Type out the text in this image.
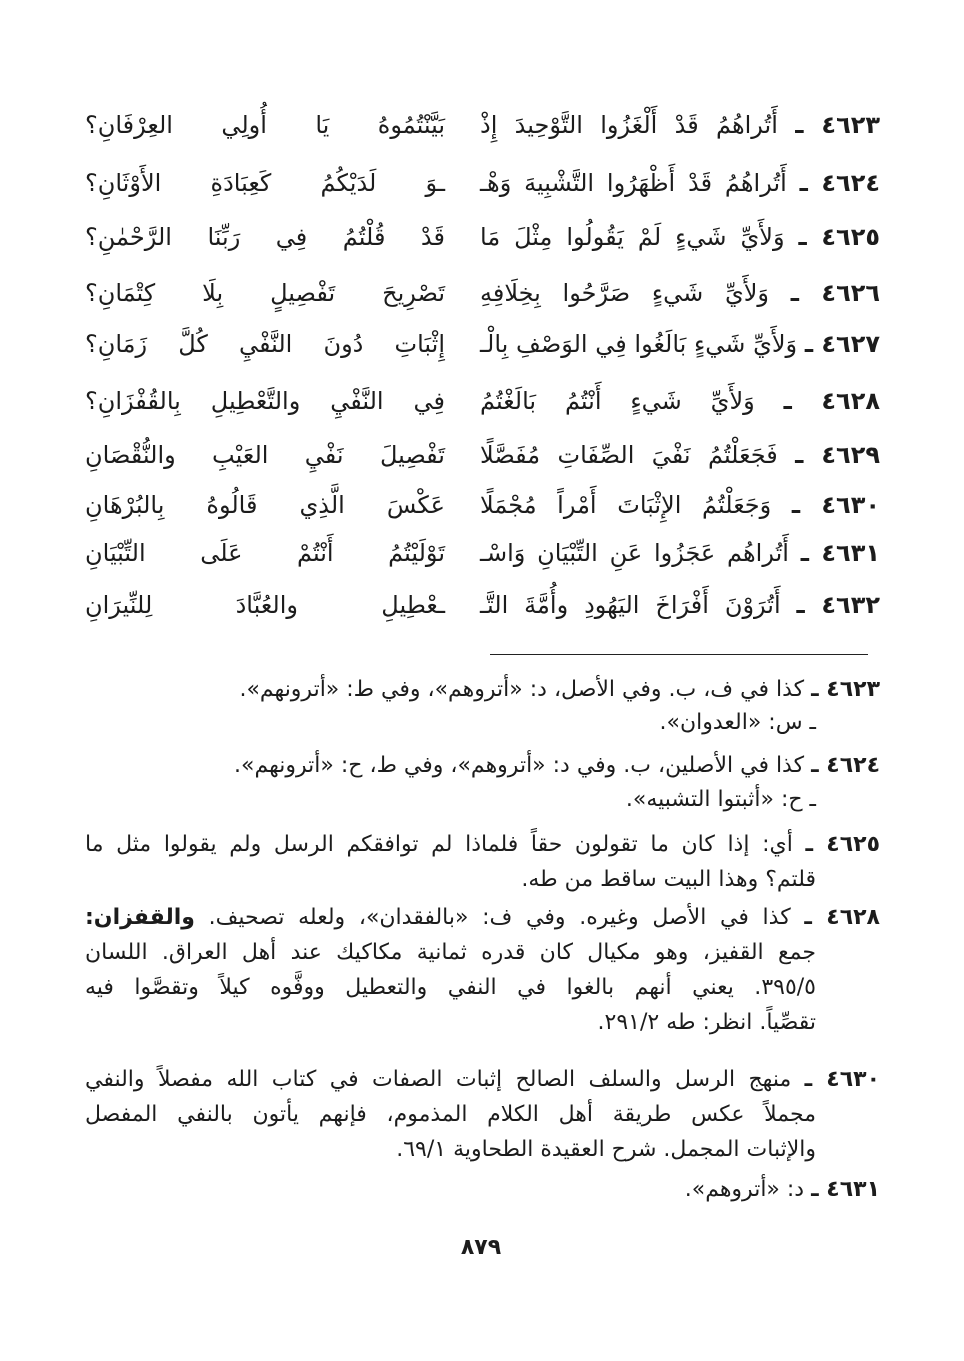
٤٦٢٣ ـ أَتُراهُمُ قَدْ أَلْغَزُوا التَّوْحِيدَ إِذْ
بَيَّنْتُمُوهُ يَا أُولِي العِرْفَانِ؟
٤٦٢٤ ـ أَتُراهُمُ قَدْ أَظْهَرُوا التَّشْبِيهَ وَهْـ
ـوَ لَدَيْكُمُ كَعِبَادَةِ الأَوْثَانِ؟
٤٦٢٥ ـ وَلأَيِّ شَيءٍ لَمْ يَقُولُوا مِثْلَ مَا
قَدْ قُلْتُمُ فِي رَبِّنَا الرَّحْمٰنِ؟
٤٦٢٦ ـ وَلأَيِّ شَيءٍ صَرَّحُوا بِخِلَافِهِ
تَصْرِيحَ تَفْصِيلٍ بِلَا كِتْمَانِ؟
٤٦٢٧ ـ وَلأَيِّ شَيءٍ بَالَغُوا فِي الوَصْفِ بِالْـ
إِثْبَاتِ دُونَ النَّفْيِ كُلَّ زَمَانِ؟
٤٦٢٨ ـ وَلأَيِّ شَيءٍ أَنْتُمُ بَالَغْتُمُ
فِي النَّفْيِ والتَّعْطِيلِ بِالقُفْزَانِ؟
٤٦٢٩ ـ فَجَعَلْتُمُ نَفْيَ الصِّفَاتِ مُفَصَّلًا
تَفْصِيلَ نَفْيِ العَيْبِ والنُّقْصَانِ
٤٦٣٠ ـ وَجَعَلْتُمُ الإِثْبَاتَ أَمْراً مُجْمَلًا
عَكْسَ الَّذِي قَالُوهُ بِالبُرْهَانِ
٤٦٣١ ـ أَتُراهُم عَجَزُوا عَنِ التِّبْيَانِ وَاسْـ
تَوْلَيْتُمُ أَنْتُمْ عَلَى التِّبْيَانِ
٤٦٣٢ ـ أَتُرَوْنَ أَفْرَاخَ اليَهُودِ وأُمَّةَ التَّـ
ـعْطِيلِ والعُبَّادَ لِلنِّيرَانِ
٤٦٢٣ ـ كذا في ف، ب. وفي الأصل، د: «أتروهم»، وفي ط: «أترونهم».
ـ س: «العدوان».
٤٦٢٤ ـ كذا في الأصلين، ب. وفي د: «أتروهم»، وفي ط، ح: «أترونهم».
ـ ح: «أثبتوا التشبيه».
٤٦٢٥ ـ أي: إذا كان ما تقولون حقاً فلماذا لم توافقكم الرسل ولم يقولوا مثل ما
قلتم؟ وهذا البيت ساقط من طه.
٤٦٢٨ ـ كذا في الأصل وغيره. وفي ف: «بالفقدان»، ولعله تصحيف. والقفزان:
جمع القفيز، وهو مكيال كان قدره ثمانية مكاكيك عند أهل العراق. اللسان
٣٩٥/٥. يعني أنهم بالغوا في النفي والتعطيل ووفَّوه كيلاً وتقصَّوا فيه
تقصِّياً. انظر: طه ٢٩١/٢.
٤٦٣٠ ـ منهج الرسل والسلف الصالح إثبات الصفات في كتاب الله مفصلاً والنفي
مجملاً عكس طريقة أهل الكلام المذموم، فإنهم يأتون بالنفي المفصل
والإثبات المجمل. شرح العقيدة الطحاوية ٦٩/١.
٤٦٣١ ـ د: «أتروهم».
٨٧٩
